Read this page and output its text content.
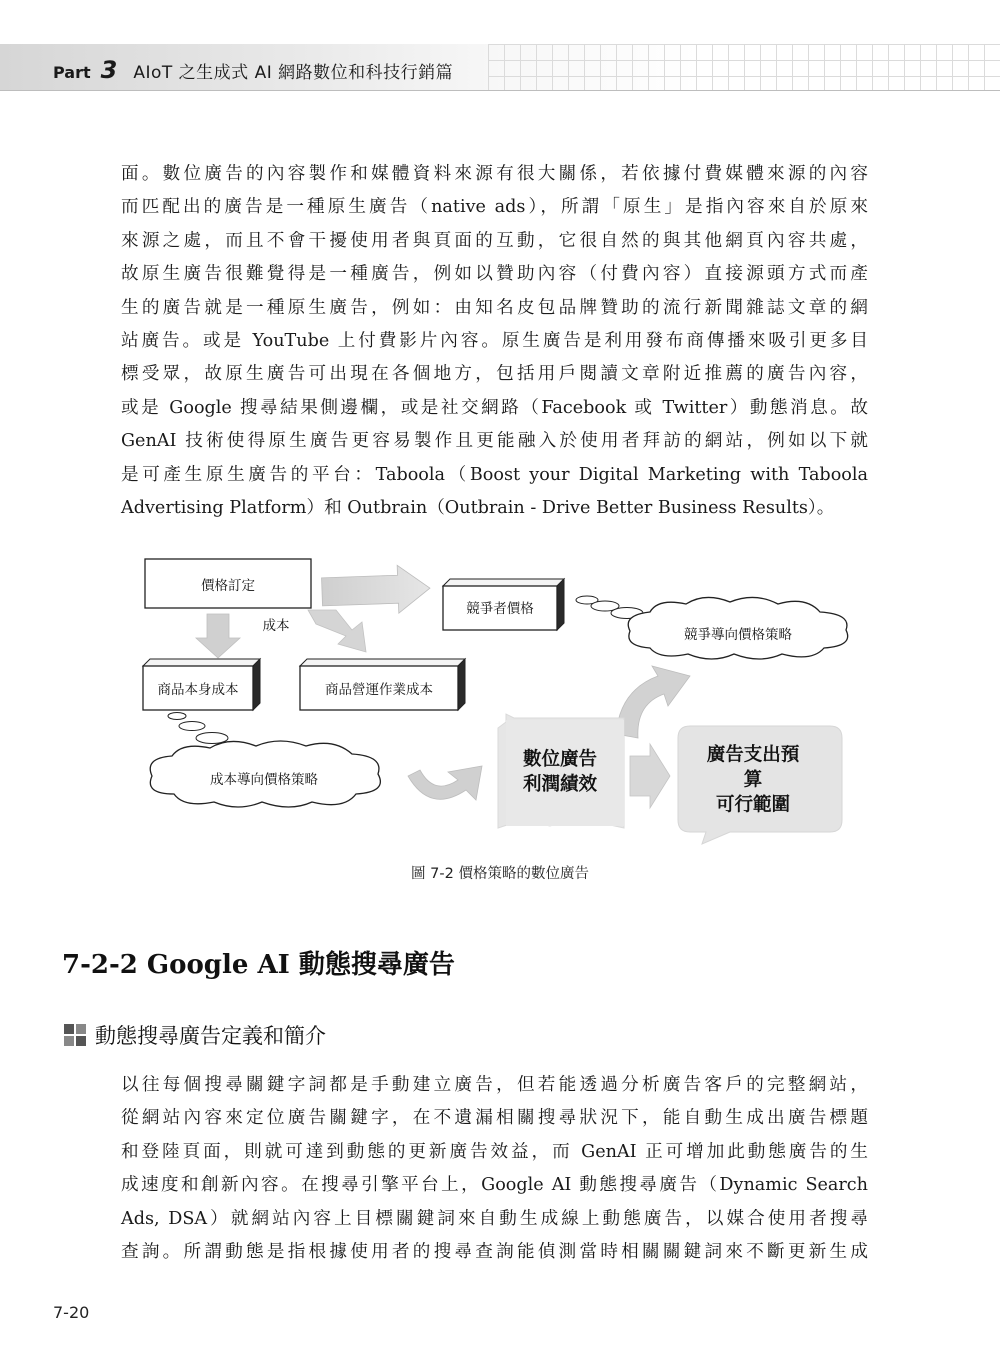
Part 3 AIoT 之生成式 AI 網路數位和科技行銷篇
面。數位廣告的內容製作和媒體資料來源有很大關係，若依據付費媒體來源的內容
而匹配出的廣告是一種原生廣告（native ads），所謂「原生」是指內容來自於原來
來源之處，而且不會干擾使用者與頁面的互動，它很自然的與其他網頁內容共處，
故原生廣告很難覺得是一種廣告，例如以贊助內容（付費內容）直接源頭方式而產
生的廣告就是一種原生廣告，例如：由知名皮包品牌贊助的流行新聞雜誌文章的網
站廣告。或是 YouTube 上付費影片內容。原生廣告是利用發布商傳播來吸引更多目
標受眾，故原生廣告可出現在各個地方，包括用戶閱讀文章附近推薦的廣告內容，
或是 Google 搜尋結果側邊欄，或是社交網路（Facebook 或 Twitter）動態消息。故
GenAI 技術使得原生廣告更容易製作且更能融入於使用者拜訪的網站，例如以下就
是可產生原生廣告的平台：Taboola（Boost your Digital Marketing with Taboola
Advertising Platform）和 Outbrain（Outbrain - Drive Better Business Results）。
價格訂定
成本
競爭者價格
競爭導向價格策略
商品本身成本	商品營運作業成本
成本導向價格策略
數位廣告
利潤績效
廣告支出預算
可行範圍
圖 7-2 價格策略的數位廣告
7-2-2 Google AI 動態搜尋廣告
動態搜尋廣告定義和簡介
以往每個搜尋關鍵字詞都是手動建立廣告，但若能透過分析廣告客戶的完整網站，
從網站內容來定位廣告關鍵字，在不遺漏相關搜尋狀況下，能自動生成出廣告標題
和登陸頁面，則就可達到動態的更新廣告效益，而 GenAI 正可增加此動態廣告的生
成速度和創新內容。在搜尋引擎平台上，Google AI 動態搜尋廣告（Dynamic Search
Ads, DSA）就網站內容上目標關鍵詞來自動生成線上動態廣告，以媒合使用者搜尋
查詢。所謂動態是指根據使用者的搜尋查詢能偵測當時相關關鍵詞來不斷更新生成
7-20
